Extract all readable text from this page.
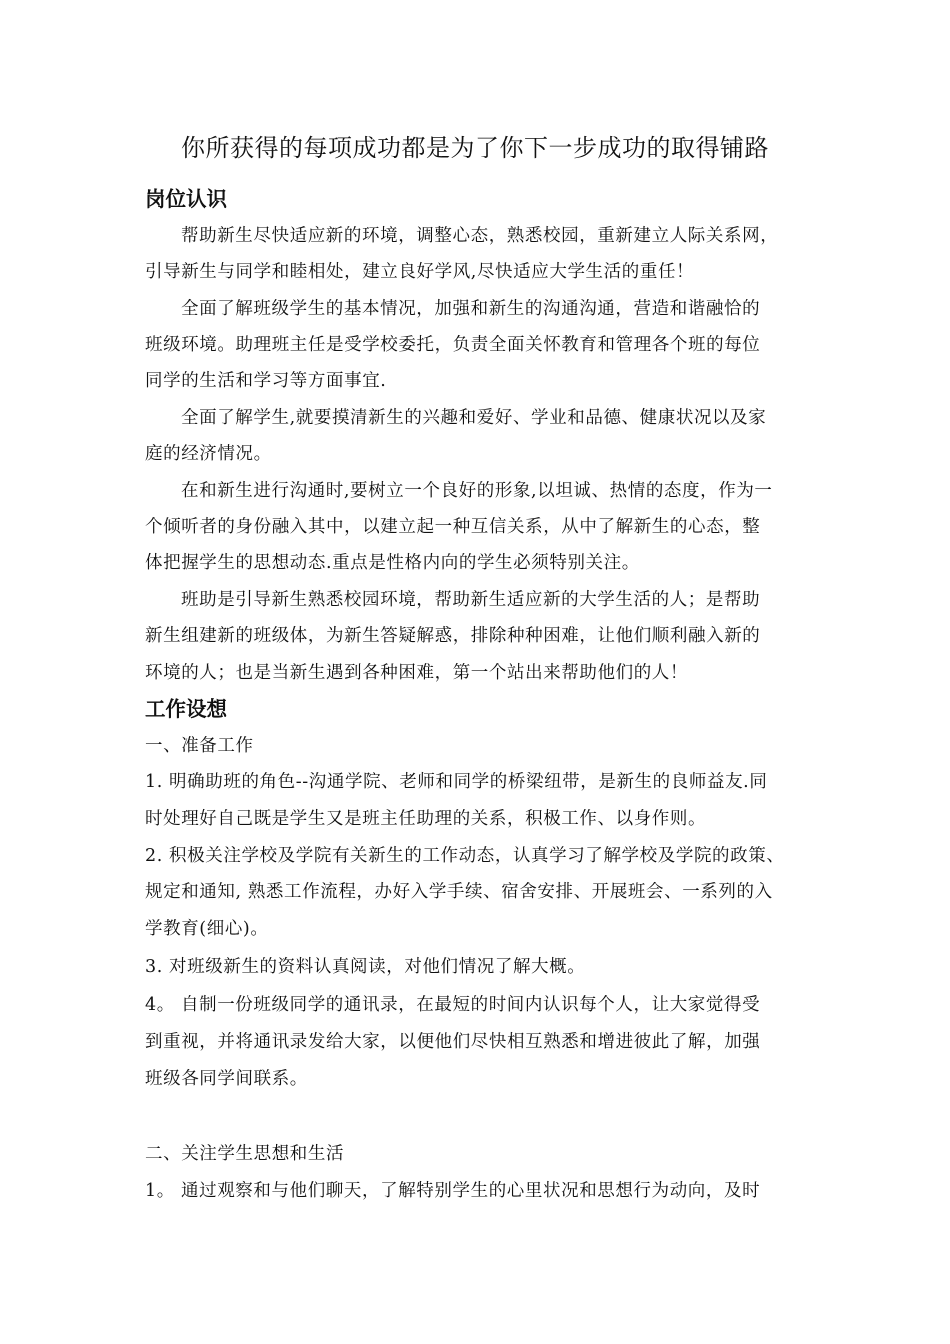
你所获得的每项成功都是为了你下一步成功的取得铺路
岗位认识
帮助新生尽快适应新的环境，调整心态，熟悉校园，重新建立人际关系网，
引导新生与同学和睦相处，建立良好学风,尽快适应大学生活的重任！
全面了解班级学生的基本情况，加强和新生的沟通沟通，营造和谐融恰的
班级环境。助理班主任是受学校委托，负责全面关怀教育和管理各个班的每位
同学的生活和学习等方面事宜.
全面了解学生,就要摸清新生的兴趣和爱好、学业和品德、健康状况以及家
庭的经济情况。
在和新生进行沟通时,要树立一个良好的形象,以坦诚、热情的态度，作为一
个倾听者的身份融入其中，以建立起一种互信关系，从中了解新生的心态，整
体把握学生的思想动态.重点是性格内向的学生必须特别关注。
班助是引导新生熟悉校园环境，帮助新生适应新的大学生活的人；是帮助
新生组建新的班级体，为新生答疑解惑，排除种种困难，让他们顺利融入新的
环境的人；也是当新生遇到各种困难，第一个站出来帮助他们的人！
工作设想
一、准备工作
1. 明确助班的角色--沟通学院、老师和同学的桥梁纽带，是新生的良师益友.同
时处理好自己既是学生又是班主任助理的关系，积极工作、以身作则。
2. 积极关注学校及学院有关新生的工作动态，认真学习了解学校及学院的政策、
规定和通知, 熟悉工作流程，办好入学手续、宿舍安排、开展班会、一系列的入
学教育(细心)。
3. 对班级新生的资料认真阅读，对他们情况了解大概。
4。 自制一份班级同学的通讯录，在最短的时间内认识每个人，让大家觉得受
到重视，并将通讯录发给大家，以便他们尽快相互熟悉和增进彼此了解，加强
班级各同学间联系。
二、关注学生思想和生活
1。 通过观察和与他们聊天，了解特别学生的心里状况和思想行为动向，及时
